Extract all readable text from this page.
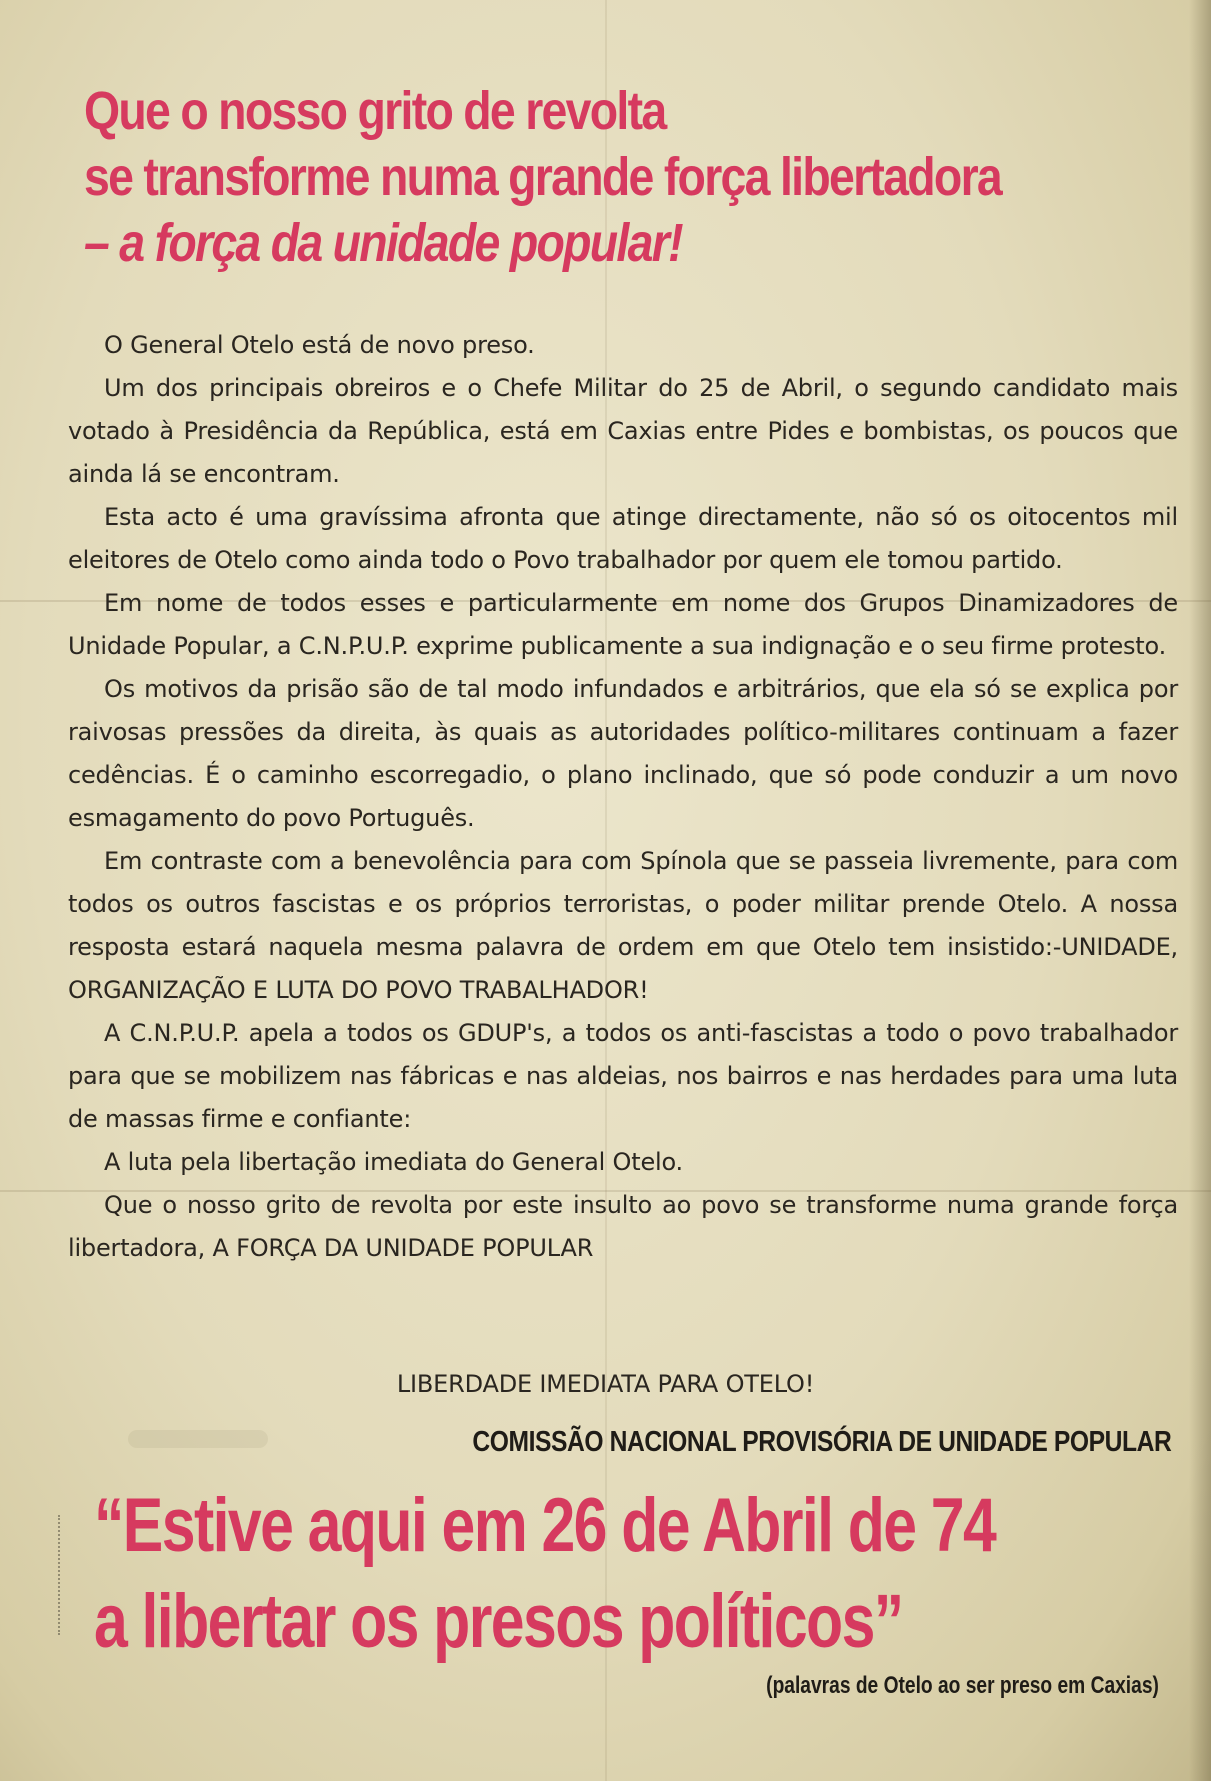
Que o nosso grito de revolta
se transforme numa grande força libertadora
– a força da unidade popular!

O General Otelo está de novo preso.

Um dos principais obreiros e o Chefe Militar do 25 de Abril, o segundo candidato mais votado à Presidência da República, está em Caxias entre Pides e bombistas, os poucos que ainda lá se encontram.

Esta acto é uma gravíssima afronta que atinge directamente, não só os oitocentos mil eleitores de Otelo como ainda todo o Povo trabalhador por quem ele tomou partido.

Em nome de todos esses e particularmente em nome dos Grupos Dinamizadores de Unidade Popular, a C.N.P.U.P. exprime publicamente a sua indignação e o seu firme protesto.

Os motivos da prisão são de tal modo infundados e arbitrários, que ela só se explica por raivosas pressões da direita, às quais as autoridades político-militares continuam a fazer cedências. É o caminho escorregadio, o plano inclinado, que só pode conduzir a um novo esmagamento do povo Português.

Em contraste com a benevolência para com Spínola que se passeia livremente, para com todos os outros fascistas e os próprios terroristas, o poder militar prende Otelo. A nossa resposta estará naquela mesma palavra de ordem em que Otelo tem insistido:-UNIDADE, ORGANIZAÇÃO E LUTA DO POVO TRABALHADOR!

A C.N.P.U.P. apela a todos os GDUP's, a todos os anti-fascistas a todo o povo trabalhador para que se mobilizem nas fábricas e nas aldeias, nos bairros e nas herdades para uma luta de massas firme e confiante:

A luta pela libertação imediata do General Otelo.

Que o nosso grito de revolta por este insulto ao povo se transforme numa grande força libertadora, A FORÇA DA UNIDADE POPULAR

LIBERDADE IMEDIATA PARA OTELO!
COMISSÃO NACIONAL PROVISÓRIA DE UNIDADE POPULAR
“Estive aqui em 26 de Abril de 74
a libertar os presos políticos”
(palavras de Otelo ao ser preso em Caxias)
